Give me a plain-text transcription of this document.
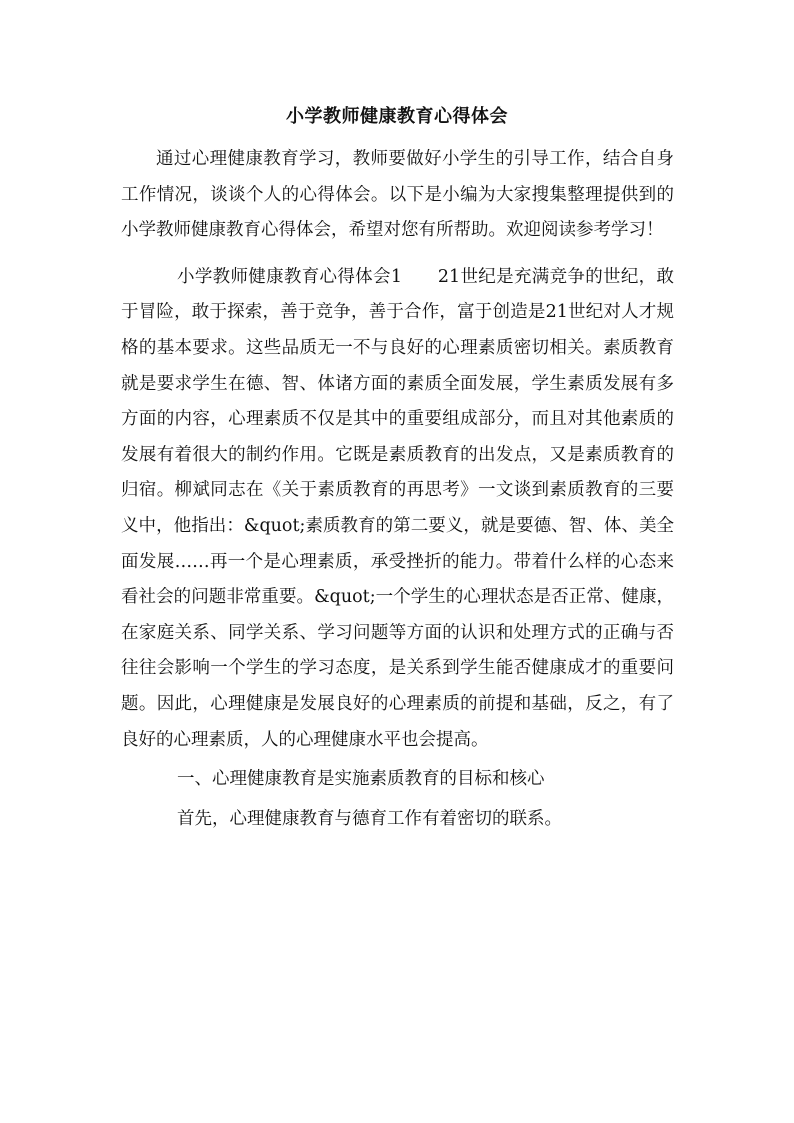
小学教师健康教育心得体会

通过心理健康教育学习，教师要做好小学生的引导工作，结合自身工作情况，谈谈个人的心得体会。以下是小编为大家搜集整理提供到的小学教师健康教育心得体会，希望对您有所帮助。欢迎阅读参考学习！

小学教师健康教育心得体会1　　21世纪是充满竞争的世纪，敢于冒险，敢于探索，善于竞争，善于合作，富于创造是21世纪对人才规格的基本要求。这些品质无一不与良好的心理素质密切相关。素质教育就是要求学生在德、智、体诸方面的素质全面发展，学生素质发展有多方面的内容，心理素质不仅是其中的重要组成部分，而且对其他素质的发展有着很大的制约作用。它既是素质教育的出发点，又是素质教育的归宿。柳斌同志在《关于素质教育的再思考》一文谈到素质教育的三要义中，他指出：&quot;素质教育的第二要义，就是要德、智、体、美全面发展……再一个是心理素质，承受挫折的能力。带着什么样的心态来看社会的问题非常重要。&quot;一个学生的心理状态是否正常、健康，在家庭关系、同学关系、学习问题等方面的认识和处理方式的正确与否往往会影响一个学生的学习态度，是关系到学生能否健康成才的重要问题。因此，心理健康是发展良好的心理素质的前提和基础，反之，有了良好的心理素质，人的心理健康水平也会提高。

一、心理健康教育是实施素质教育的目标和核心

首先，心理健康教育与德育工作有着密切的联系。
